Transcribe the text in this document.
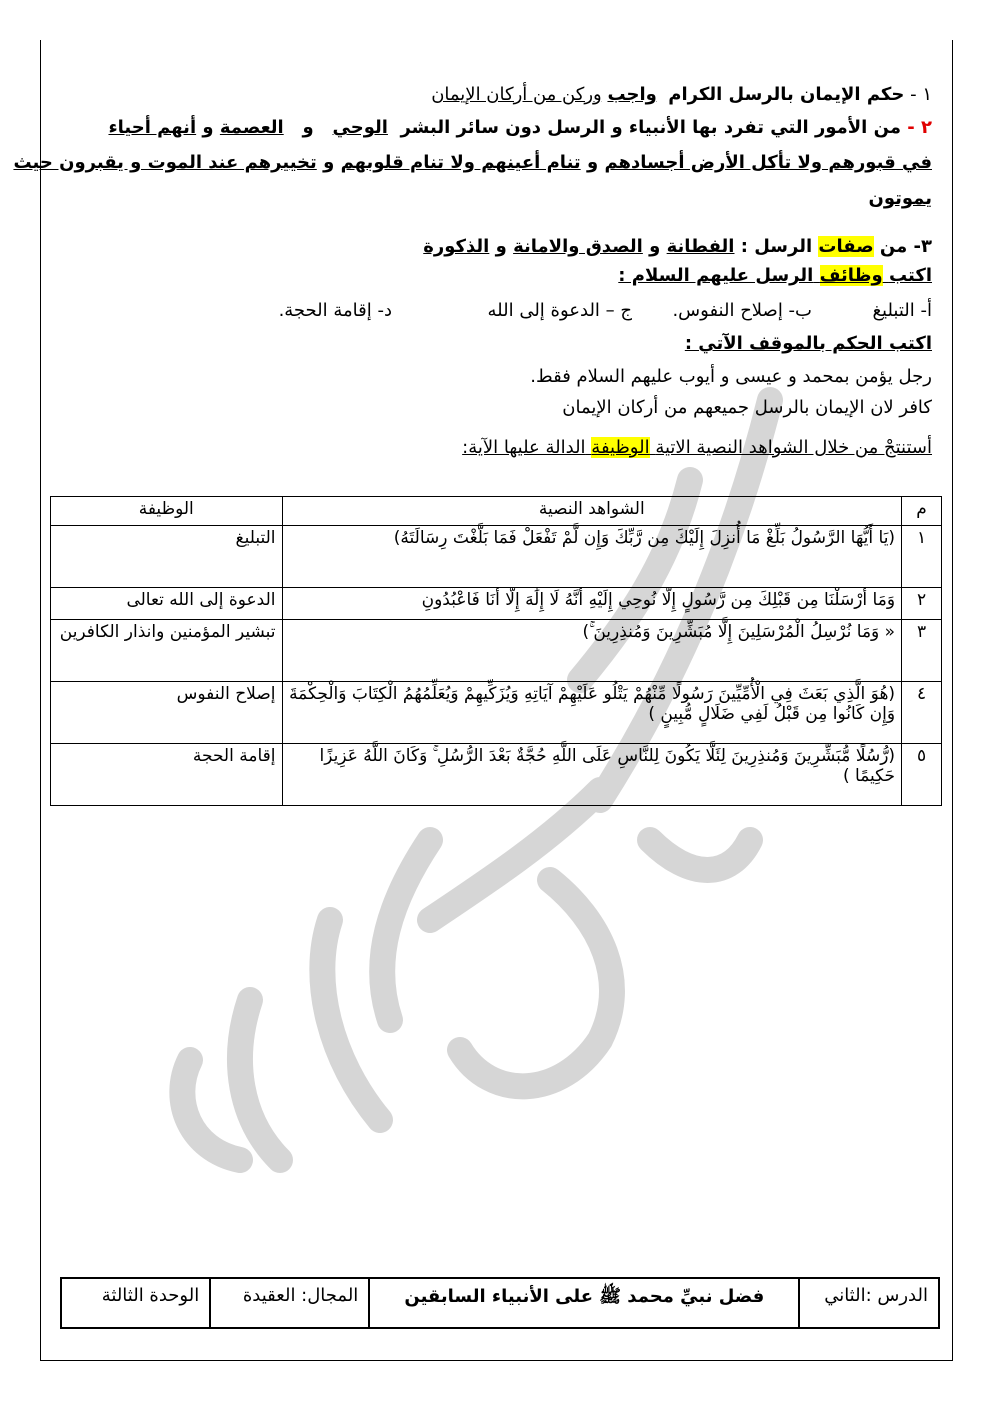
١ - حكم الإيمان بالرسل الكرام  واجب وركن من أركان الإيمان
٢ - من الأمور التي تفرد بها الأنبياء و الرسل دون سائر البشر  الوحي   و   العصمة و أنهم أحياء
في قبورهم ولا تأكل الأرض أجسادهم و تنام أعينهم ولا تنام قلوبهم و تخييرهم عند الموت و يقبرون حيث
يموتون
٣- من صفات الرسل : الفطانة و الصدق والامانة و الذكورة
اكتب وظائف الرسل عليهم السلام :
أ- التبليغ
ب- إصلاح النفوس.
ج – الدعوة إلى الله
د- إقامة الحجة.
اكتب الحكم بالموقف الآتي :
رجل يؤمن بمحمد و عيسى و أيوب عليهم السلام فقط.
كافر لان الإيمان بالرسل جميعهم من أركان الإيمان
أستنتجْ من خلال الشواهد النصية الاتية الوظيفة الدالة عليها الآية:
م	الشواهد النصية	الوظيفة
١	(يَا أَيُّهَا الرَّسُولُ بَلِّغْ مَا أُنزِلَ إِلَيْكَ مِن رَّبِّكَ وَإِن لَّمْ تَفْعَلْ فَمَا بَلَّغْتَ رِسَالَتَهُ)	التبليغ
٢	وَمَا أَرْسَلْنَا مِن قَبْلِكَ مِن رَّسُولٍ إِلَّا نُوحِي إِلَيْهِ أَنَّهُ لَا إِلَٰهَ إِلَّا أَنَا فَاعْبُدُونِ	الدعوة إلى الله تعالى
٣	« وَمَا نُرْسِلُ الْمُرْسَلِينَ إِلَّا مُبَشِّرِينَ وَمُنذِرِينَ ۚ)	تبشير المؤمنين وانذار الكافرين
٤	(هُوَ الَّذِي بَعَثَ فِي الْأُمِّيِّينَ رَسُولًا مِّنْهُمْ يَتْلُو عَلَيْهِمْ آيَاتِهِ وَيُزَكِّيهِمْ وَيُعَلِّمُهُمُ الْكِتَابَ وَالْحِكْمَةَ وَإِن كَانُوا مِن قَبْلُ لَفِي ضَلَالٍ مُّبِينٍ )	إصلاح النفوس
٥	(رُّسُلًا مُّبَشِّرِينَ وَمُنذِرِينَ لِئَلَّا يَكُونَ لِلنَّاسِ عَلَى اللَّهِ حُجَّةٌ بَعْدَ الرُّسُلِ ۚ وَكَانَ اللَّهُ عَزِيزًا حَكِيمًا )	إقامة الحجة
الدرس :الثاني	فضل نبيِّ محمد ﷺ على الأنبياء السابقين	المجال: العقيدة	الوحدة الثالثة
